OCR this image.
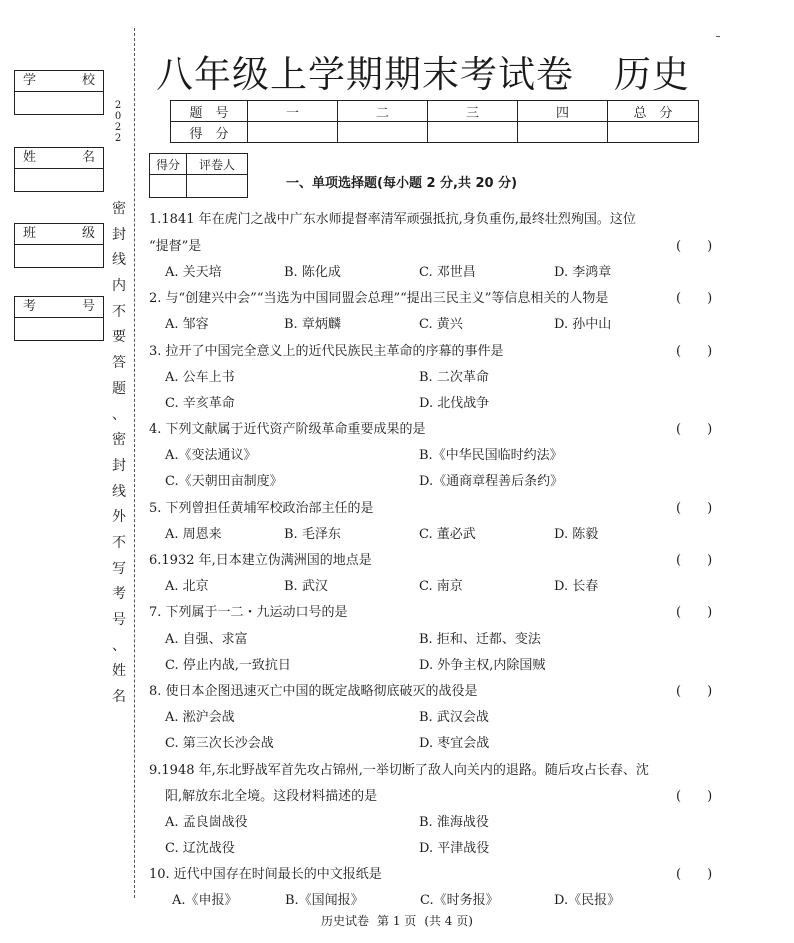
学	校
姓	名
班	级
考	号
2
0
2
2
密
封
线
内
不
要
答
题
、
密
封
线
外
不
写
考
号
、
姓
名
八年级上学期期末考试卷 历史
题　号	一	二	三	四	总　分
得　分					
得分	评卷人

一、单项选择题(每小题 2 分,共 20 分)
1.1841 年在虎门之战中广东水师提督率清军顽强抵抗,身负重伤,最终壮烈殉国。这位
“提督”是	(　　)
A. 关天培	B. 陈化成	C. 邓世昌	D. 李鸿章
2. 与“创建兴中会”“当选为中国同盟会总理”“提出三民主义”等信息相关的人物是	(　　)
A. 邹容	B. 章炳麟	C. 黄兴	D. 孙中山
3. 拉开了中国完全意义上的近代民族民主革命的序幕的事件是	(　　)
A. 公车上书	B. 二次革命
C. 辛亥革命	D. 北伐战争
4. 下列文献属于近代资产阶级革命重要成果的是	(　　)
A.《变法通议》	B.《中华民国临时约法》
C.《天朝田亩制度》	D.《通商章程善后条约》
5. 下列曾担任黄埔军校政治部主任的是	(　　)
A. 周恩来	B. 毛泽东	C. 董必武	D. 陈毅
6.1932 年,日本建立伪满洲国的地点是	(　　)
A. 北京	B. 武汉	C. 南京	D. 长春
7. 下列属于一二・九运动口号的是	(　　)
A. 自强、求富	B. 拒和、迁都、变法
C. 停止内战,一致抗日	D. 外争主权,内除国贼
8. 使日本企图迅速灭亡中国的既定战略彻底破灭的战役是	(　　)
A. 淞沪会战	B. 武汉会战
C. 第三次长沙会战	D. 枣宜会战
9.1948 年,东北野战军首先攻占锦州,一举切断了敌人向关内的退路。随后攻占长春、沈
阳,解放东北全境。这段材料描述的是	(　　)
A. 孟良崮战役	B. 淮海战役
C. 辽沈战役	D. 平津战役
10. 近代中国存在时间最长的中文报纸是	(　　)
A.《申报》	B.《国闻报》	C.《时务报》	D.《民报》
历史试卷 第 1 页 (共 4 页)
